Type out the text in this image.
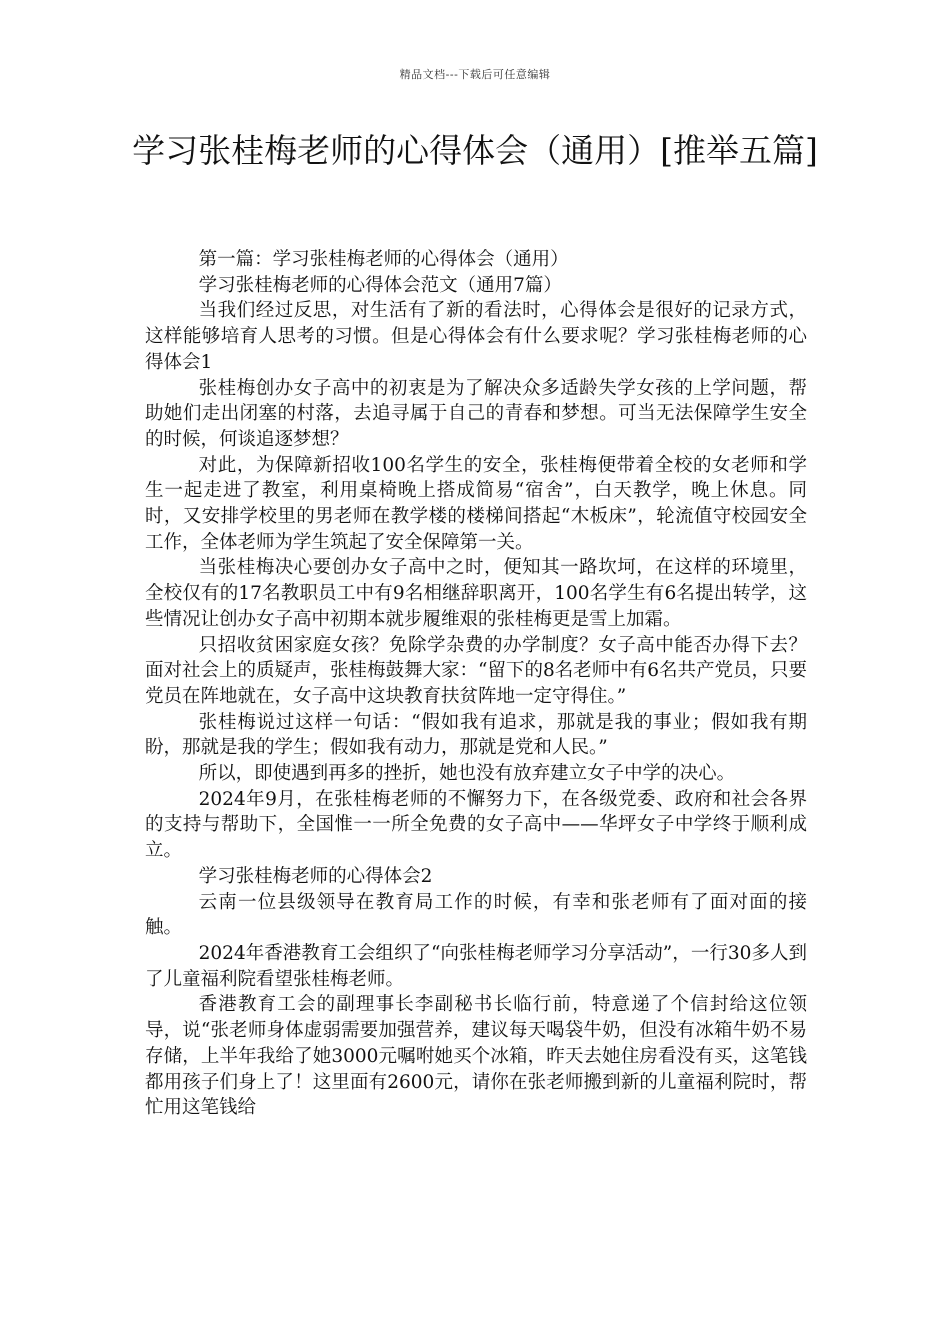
精品文档---下载后可任意编辑
学习张桂梅老师的心得体会（通用）[推举五篇]

第一篇：学习张桂梅老师的心得体会（通用）

学习张桂梅老师的心得体会范文（通用7篇）

当我们经过反思，对生活有了新的看法时，心得体会是很好的记录方式，这样能够培育人思考的习惯。但是心得体会有什么要求呢？学习张桂梅老师的心得体会1

张桂梅创办女子高中的初衷是为了解决众多适龄失学女孩的上学问题，帮助她们走出闭塞的村落，去追寻属于自己的青春和梦想。可当无法保障学生安全的时候，何谈追逐梦想？

对此，为保障新招收100名学生的安全，张桂梅便带着全校的女老师和学生一起走进了教室，利用桌椅晚上搭成简易“宿舍”，白天教学，晚上休息。同时，又安排学校里的男老师在教学楼的楼梯间搭起“木板床”，轮流值守校园安全工作，全体老师为学生筑起了安全保障第一关。

当张桂梅决心要创办女子高中之时，便知其一路坎坷，在这样的环境里，全校仅有的17名教职员工中有9名相继辞职离开，100名学生有6名提出转学，这些情况让创办女子高中初期本就步履维艰的张桂梅更是雪上加霜。

只招收贫困家庭女孩？免除学杂费的办学制度？女子高中能否办得下去？面对社会上的质疑声，张桂梅鼓舞大家：“留下的8名老师中有6名共产党员，只要党员在阵地就在，女子高中这块教育扶贫阵地一定守得住。”

张桂梅说过这样一句话：“假如我有追求，那就是我的事业；假如我有期盼，那就是我的学生；假如我有动力，那就是党和人民。”

所以，即使遇到再多的挫折，她也没有放弃建立女子中学的决心。

2024年9月，在张桂梅老师的不懈努力下，在各级党委、政府和社会各界的支持与帮助下，全国惟一一所全免费的女子高中——华坪女子中学终于顺利成立。

学习张桂梅老师的心得体会2

云南一位县级领导在教育局工作的时候，有幸和张老师有了面对面的接触。

2024年香港教育工会组织了“向张桂梅老师学习分享活动”，一行30多人到了儿童福利院看望张桂梅老师。

香港教育工会的副理事长李副秘书长临行前，特意递了个信封给这位领导，说“张老师身体虚弱需要加强营养，建议每天喝袋牛奶，但没有冰箱牛奶不易存储，上半年我给了她3000元嘱咐她买个冰箱，昨天去她住房看没有买，这笔钱都用孩子们身上了！这里面有2600元，请你在张老师搬到新的儿童福利院时，帮忙用这笔钱给
